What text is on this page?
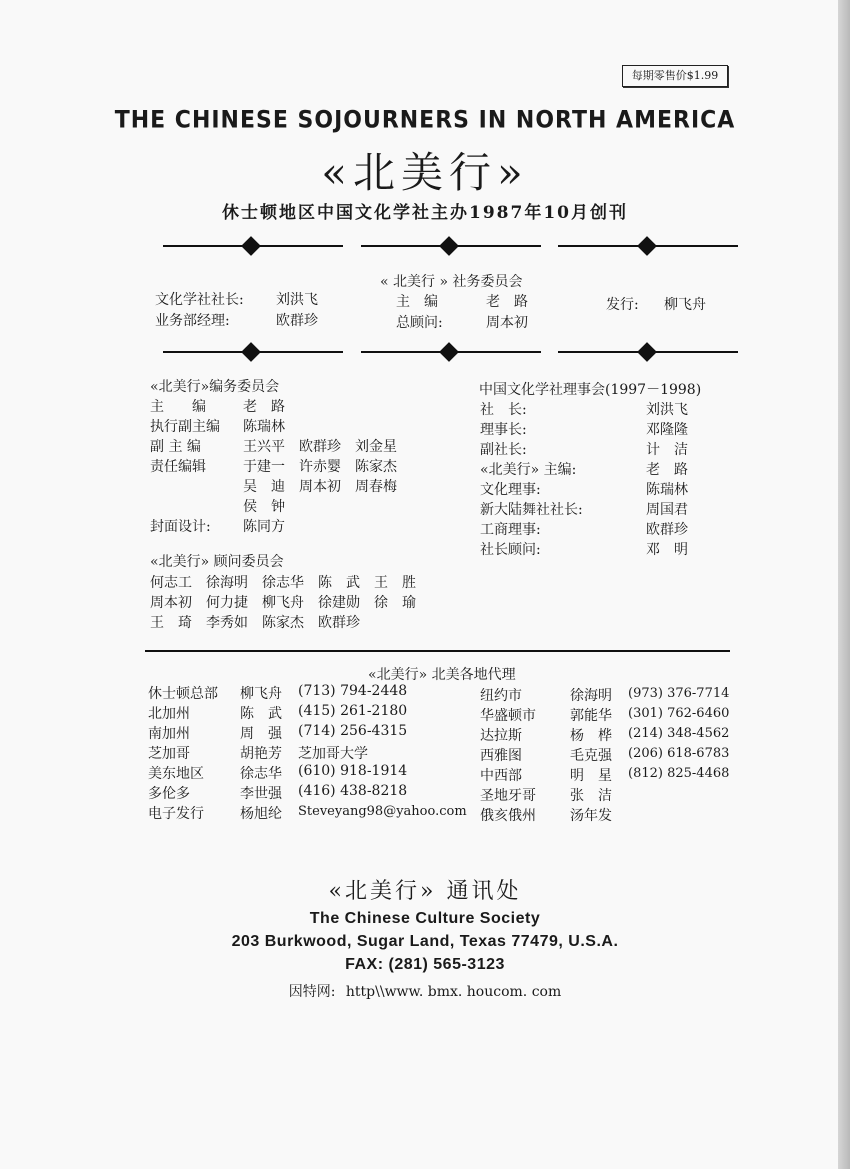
每期零售价$1.99
THE CHINESE SOJOURNERS IN NORTH AMERICA
«北美行»
休士顿地区中国文化学社主办1987年10月创刊
« 北美行 » 社务委员会
文化学社社长: 刘洪飞
业务部经理:	欧群珍
主编 老路
总顾问:	周本初
发行: 柳飞舟
«北美行»编务委员会
主　　编	老　路
执行副主编 陈瑞林
副 主 编	王兴平　欧群珍　刘金星
责任编辑	于建一　许赤婴　陈家杰
吴　迪　周本初　周春梅
侯　钟
封面设计: 陈同方
中国文化学社理事会(1997－1998)
社　长:	刘洪飞
理事长:	邓隆隆
副社长:	计　洁
«北美行» 主编:	老　路
文化理事:	陈瑞林
新大陆舞社社长:	周国君
工商理事:	欧群珍
社长顾问:	邓　明
«北美行» 顾问委员会
何志工　徐海明　徐志华　陈　武　王　胜
周本初　何力捷　柳飞舟　徐建勋　徐　瑜
王　琦　李秀如　陈家杰　欧群珍
«北美行» 北美各地代理
休士顿总部 柳飞舟 (713) 794-2448
北加州	陈　武 (415) 261-2180
南加州	周　强 (714) 256-4315
芝加哥	胡艳芳 芝加哥大学
美东地区	徐志华 (610) 918-1914
多伦多	李世强 (416) 438-8218
电子发行	杨旭纶 Steveyang98@yahoo.com
纽约市	徐海明 (973) 376-7714
华盛顿市 郭能华 (301) 762-6460
达拉斯	杨　桦 (214) 348-4562
西雅图	毛克强 (206) 618-6783
中西部	明　星 (812) 825-4468
圣地牙哥 张　洁
俄亥俄州 汤年发
«北美行» 通讯处
The Chinese Culture Society
203 Burkwood, Sugar Land, Texas 77479, U.S.A.
FAX: (281) 565-3123
因特网: http\\www. bmx. houcom. com
